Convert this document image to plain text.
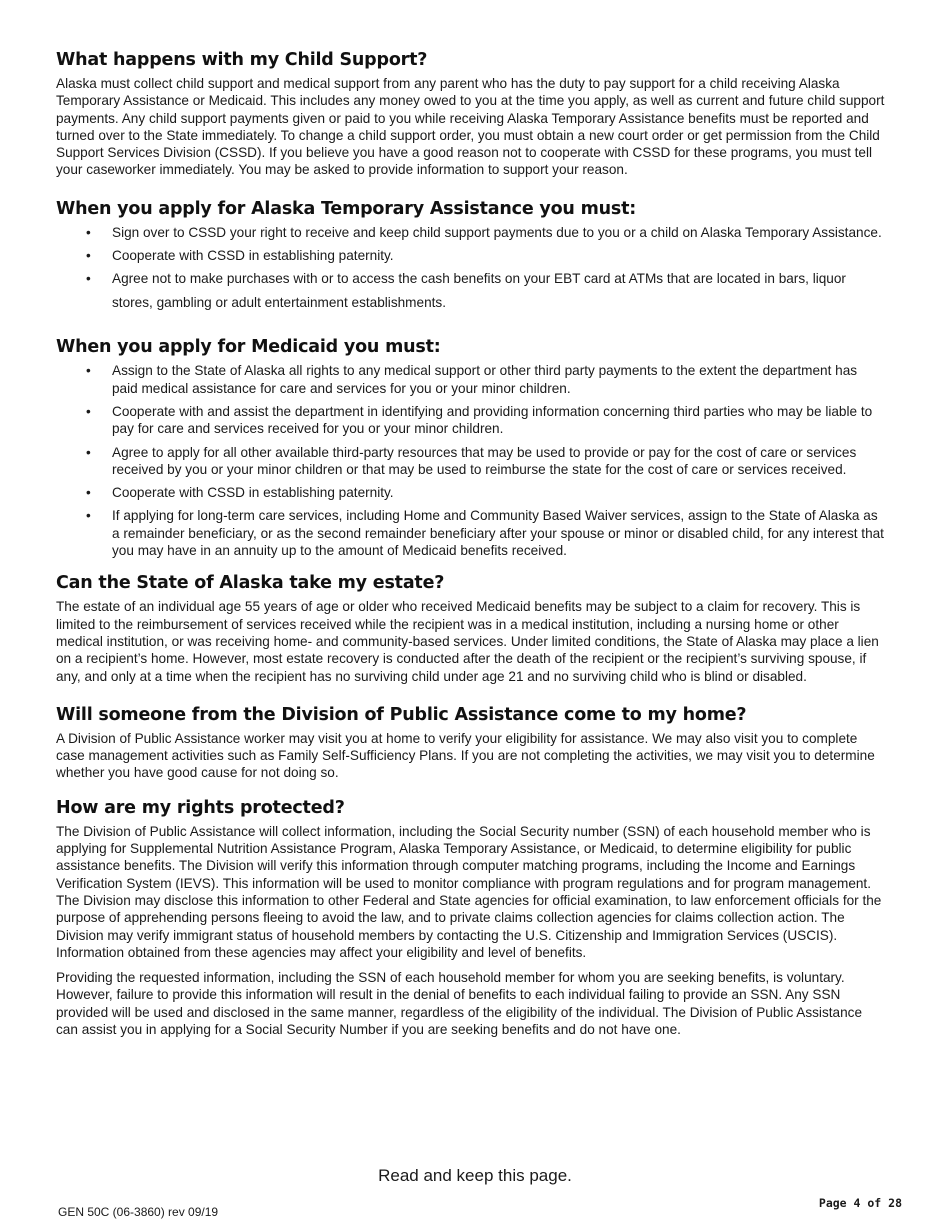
What happens with my Child Support?

Alaska must collect child support and medical support from any parent who has the duty to pay support for a child receiving Alaska Temporary Assistance or Medicaid. This includes any money owed to you at the time you apply, as well as current and future child support payments. Any child support payments given or paid to you while receiving Alaska Temporary Assistance benefits must be reported and turned over to the State immediately. To change a child support order, you must obtain a new court order or get permission from the Child Support Services Division (CSSD). If you believe you have a good reason not to cooperate with CSSD for these programs, you must tell your caseworker immediately. You may be asked to provide information to support your reason.

When you apply for Alaska Temporary Assistance you must:
• Sign over to CSSD your right to receive and keep child support payments due to you or a child on Alaska Temporary Assistance.
• Cooperate with CSSD in establishing paternity.
• Agree not to make purchases with or to access the cash benefits on your EBT card at ATMs that are located in bars, liquor stores, gambling or adult entertainment establishments.
When you apply for Medicaid you must:
• Assign to the State of Alaska all rights to any medical support or other third party payments to the extent the department has paid medical assistance for care and services for you or your minor children.
• Cooperate with and assist the department in identifying and providing information concerning third parties who may be liable to pay for care and services received for you or your minor children.
• Agree to apply for all other available third-party resources that may be used to provide or pay for the cost of care or services received by you or your minor children or that may be used to reimburse the state for the cost of care or services received.
• Cooperate with CSSD in establishing paternity.
• If applying for long-term care services, including Home and Community Based Waiver services, assign to the State of Alaska as a remainder beneficiary, or as the second remainder beneficiary after your spouse or minor or disabled child, for any interest that you may have in an annuity up to the amount of Medicaid benefits received.
Can the State of Alaska take my estate?

The estate of an individual age 55 years of age or older who received Medicaid benefits may be subject to a claim for recovery. This is limited to the reimbursement of services received while the recipient was in a medical institution, including a nursing home or other medical institution, or was receiving home- and community-based services. Under limited conditions, the State of Alaska may place a lien on a recipient’s home. However, most estate recovery is conducted after the death of the recipient or the recipient’s surviving spouse, if any, and only at a time when the recipient has no surviving child under age 21 and no surviving child who is blind or disabled.

Will someone from the Division of Public Assistance come to my home?

A Division of Public Assistance worker may visit you at home to verify your eligibility for assistance. We may also visit you to complete case management activities such as Family Self-Sufficiency Plans. If you are not completing the activities, we may visit you to determine whether you have good cause for not doing so.

How are my rights protected?

The Division of Public Assistance will collect information, including the Social Security number (SSN) of each household member who is applying for Supplemental Nutrition Assistance Program, Alaska Temporary Assistance, or Medicaid, to determine eligibility for public assistance benefits. The Division will verify this information through computer matching programs, including the Income and Earnings Verification System (IEVS). This information will be used to monitor compliance with program regulations and for program management. The Division may disclose this information to other Federal and State agencies for official examination, to law enforcement officials for the purpose of apprehending persons fleeing to avoid the law, and to private claims collection agencies for claims collection action. The Division may verify immigrant status of household members by contacting the U.S. Citizenship and Immigration Services (USCIS). Information obtained from these agencies may affect your eligibility and level of benefits.

Providing the requested information, including the SSN of each household member for whom you are seeking benefits, is voluntary. However, failure to provide this information will result in the denial of benefits to each individual failing to provide an SSN. Any SSN provided will be used and disclosed in the same manner, regardless of the eligibility of the individual. The Division of Public Assistance can assist you in applying for a Social Security Number if you are seeking benefits and do not have one.

Read and keep this page.
Page 4 of 28
GEN 50C (06-3860) rev 09/19
